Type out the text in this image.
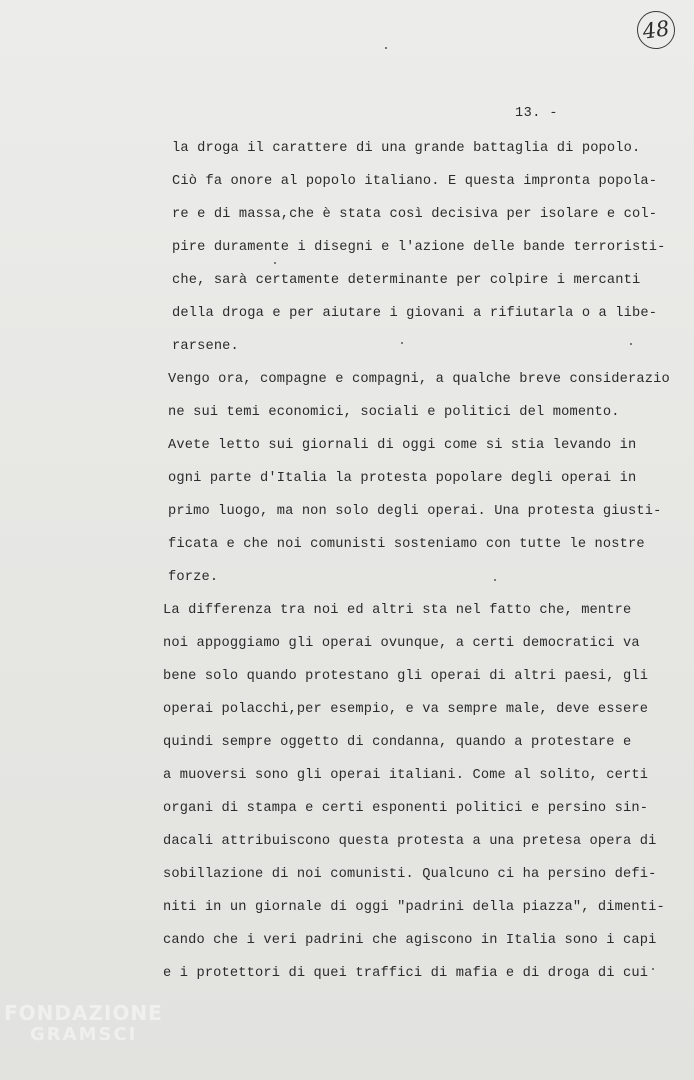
48
13. -
la droga il carattere di una grande battaglia di popolo.
Ciò fa onore al popolo italiano. E questa impronta popola-
re e di massa,che è stata così decisiva per isolare e col-
pire duramente i disegni e l'azione delle bande terroristi-
che, sarà certamente determinante per colpire i mercanti
della droga e per aiutare i giovani a rifiutarla o a libe-
rarsene.
Vengo ora, compagne e compagni, a qualche breve considerazio
ne sui temi economici, sociali e politici del momento.
Avete letto sui giornali di oggi come si stia levando in
ogni parte d'Italia la protesta popolare degli operai in
primo luogo, ma non solo degli operai. Una protesta giusti-
ficata e che noi comunisti sosteniamo con tutte le nostre
forze.
La differenza tra noi ed altri sta nel fatto che, mentre
noi appoggiamo gli operai ovunque, a certi democratici va
bene solo quando protestano gli operai di altri paesi, gli
operai polacchi,per esempio, e va sempre male, deve essere
quindi sempre oggetto di condanna, quando a protestare e
a muoversi sono gli operai italiani. Come al solito, certi
organi di stampa e certi esponenti politici e persino sin-
dacali attribuiscono questa protesta a una pretesa opera di
sobillazione di noi comunisti. Qualcuno ci ha persino defi-
niti in un giornale di oggi "padrini della piazza", dimenti-
cando che i veri padrini che agiscono in Italia sono i capi
e i protettori di quei traffici di mafia e di droga di cui
FONDAZIONE
GRAMSCI
